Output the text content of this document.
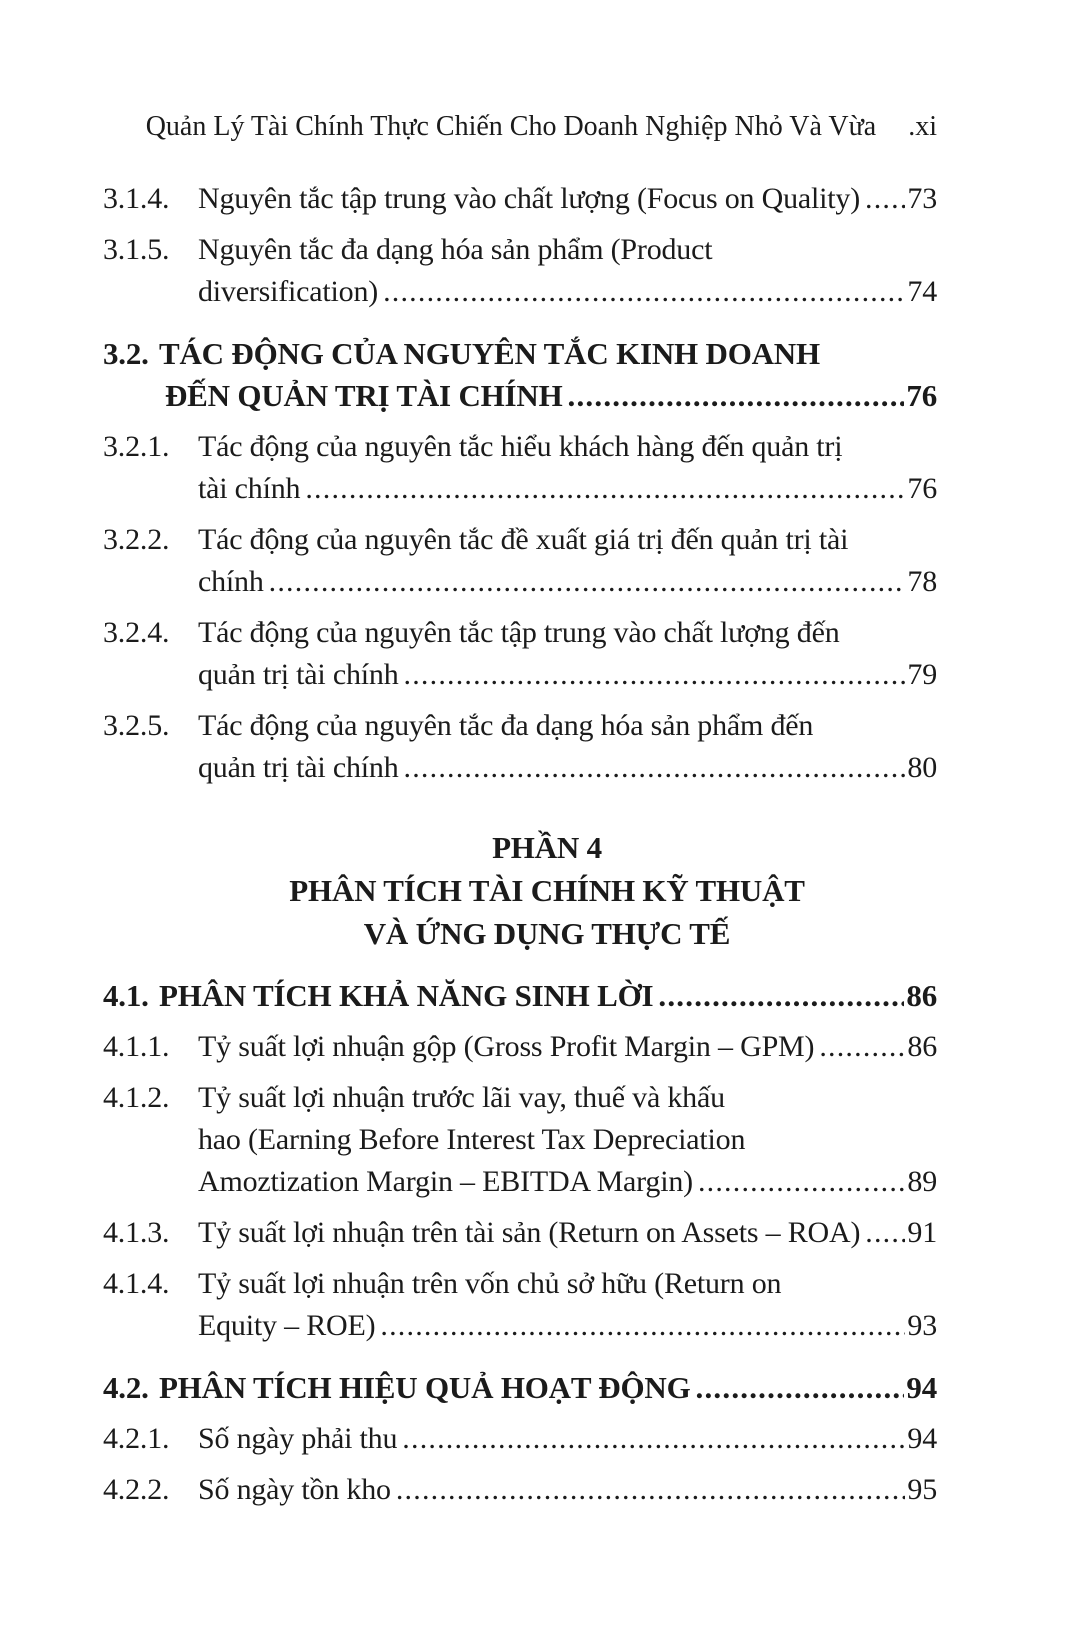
Quản Lý Tài Chính Thực Chiến Cho Doanh Nghiệp Nhỏ Và Vừa .xi
3.1.4. Nguyên tắc tập trung vào chất lượng (Focus on Quality) ..... 73
3.1.5. Nguyên tắc đa dạng hóa sản phẩm (Product
diversification) .....	74
3.2. TÁC ĐỘNG CỦA NGUYÊN TẮC KINH DOANH
ĐẾN QUẢN TRỊ TÀI CHÍNH .....	76
3.2.1. Tác động của nguyên tắc hiểu khách hàng đến quản trị
tài chính .....	76
3.2.2. Tác động của nguyên tắc đề xuất giá trị đến quản trị tài
chính .....	78
3.2.4. Tác động của nguyên tắc tập trung vào chất lượng đến
quản trị tài chính .....	79
3.2.5. Tác động của nguyên tắc đa dạng hóa sản phẩm đến
quản trị tài chính .....	80
PHẦN 4
PHÂN TÍCH TÀI CHÍNH KỸ THUẬT
VÀ ỨNG DỤNG THỰC TẾ
4.1. PHÂN TÍCH KHẢ NĂNG SINH LỜI .....	86
4.1.1. Tỷ suất lợi nhuận gộp (Gross Profit Margin – GPM) .....	86
4.1.2. Tỷ suất lợi nhuận trước lãi vay, thuế và khấu
hao (Earning Before Interest Tax Depreciation
Amoztization Margin – EBITDA Margin) .....	89
4.1.3. Tỷ suất lợi nhuận trên tài sản (Return on Assets – ROA) ..... 91
4.1.4. Tỷ suất lợi nhuận trên vốn chủ sở hữu (Return on
Equity – ROE) .....	93
4.2. PHÂN TÍCH HIỆU QUẢ HOẠT ĐỘNG .....	94
4.2.1. Số ngày phải thu .....	94
4.2.2. Số ngày tồn kho .....	95
